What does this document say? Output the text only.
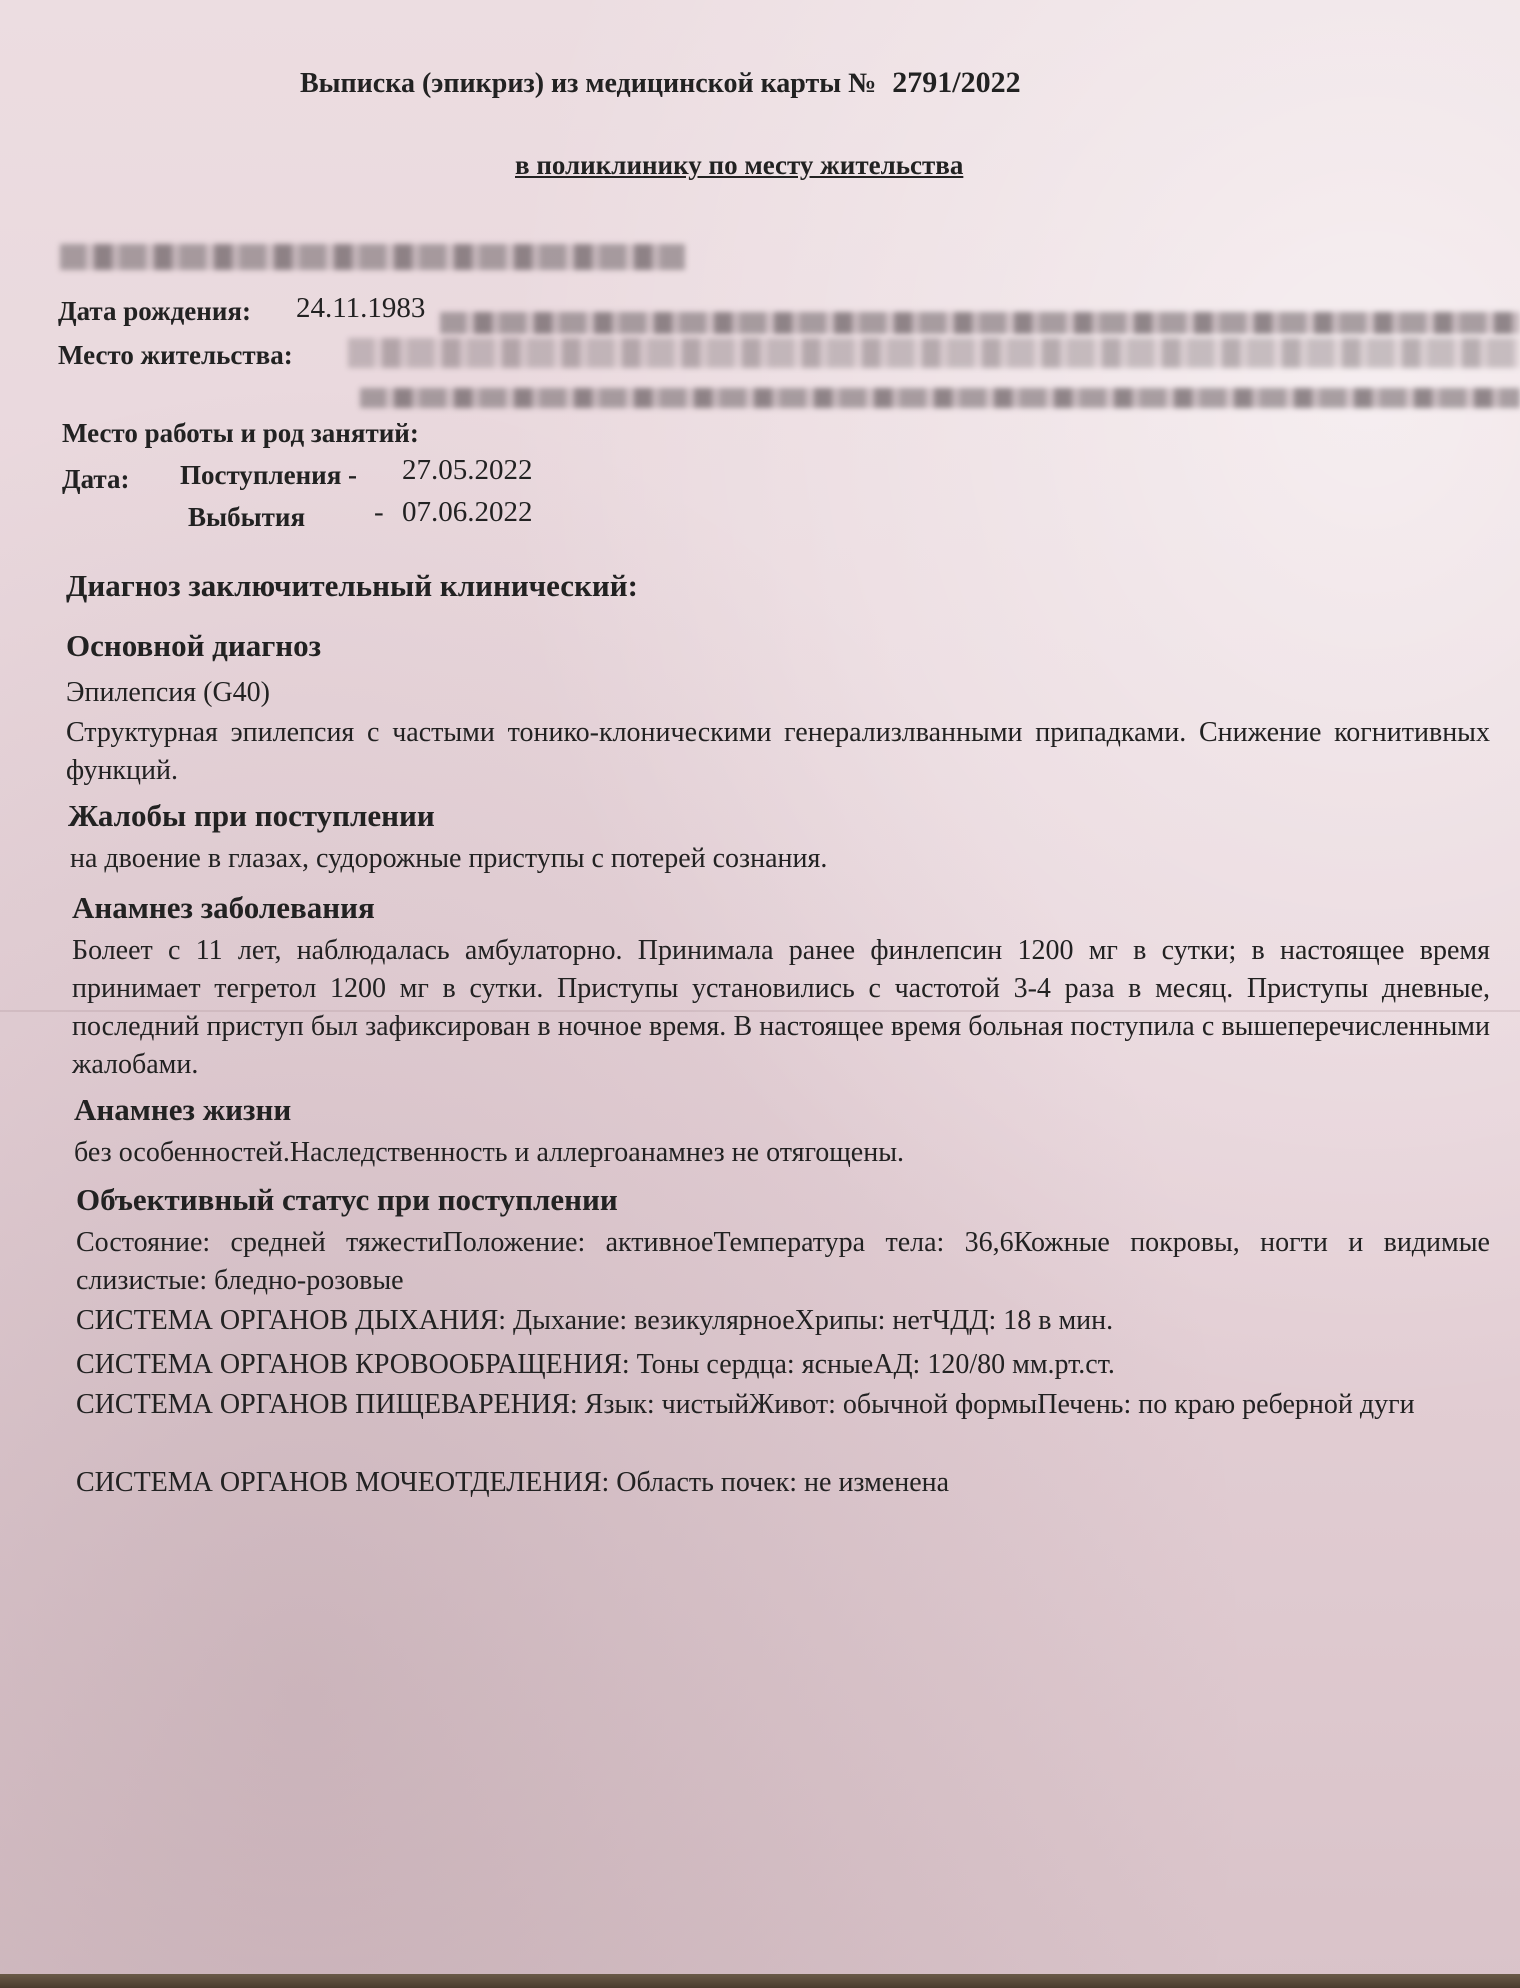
Выписка (эпикриз) из медицинской карты № 2791/2022
в поликлинику по месту жительства
Дата рождения: 24.11.1983
Место жительства:
Место работы и род занятий:
Дата: Поступления - 27.05.2022
Выбытия - 07.06.2022
Диагноз заключительный клинический:
Основной диагноз
Эпилепсия (G40)
Структурная эпилепсия с частыми тонико-клоническими генерализлванными припадками. Снижение когнитивных функций.
Жалобы при поступлении
на двоение в глазах, судорожные приступы с потерей сознания.
Анамнез заболевания
Болеет с 11 лет, наблюдалась амбулаторно. Принимала ранее финлепсин 1200 мг в сутки; в настоящее время принимает тегретол 1200 мг в сутки. Приступы установились с частотой 3-4 раза в месяц. Приступы дневные, последний приступ был зафиксирован в ночное время. В настоящее время больная поступила с вышеперечисленными жалобами.
Анамнез жизни
без особенностей.Наследственность и аллергоанамнез не отягощены.
Объективный статус при поступлении
Состояние: средней тяжестиПоложение: активноеТемпература тела: 36,6Кожные покровы, ногти и видимые слизистые: бледно-розовые
СИСТЕМА ОРГАНОВ ДЫХАНИЯ: Дыхание: везикулярноеХрипы: нетЧДД: 18 в мин.
СИСТЕМА ОРГАНОВ КРОВООБРАЩЕНИЯ: Тоны сердца: ясныеАД: 120/80 мм.рт.ст.
СИСТЕМА ОРГАНОВ ПИЩЕВАРЕНИЯ: Язык: чистыйЖивот: обычной формыПечень: по краю реберной дуги
СИСТЕМА ОРГАНОВ МОЧЕОТДЕЛЕНИЯ: Область почек: не изменена
